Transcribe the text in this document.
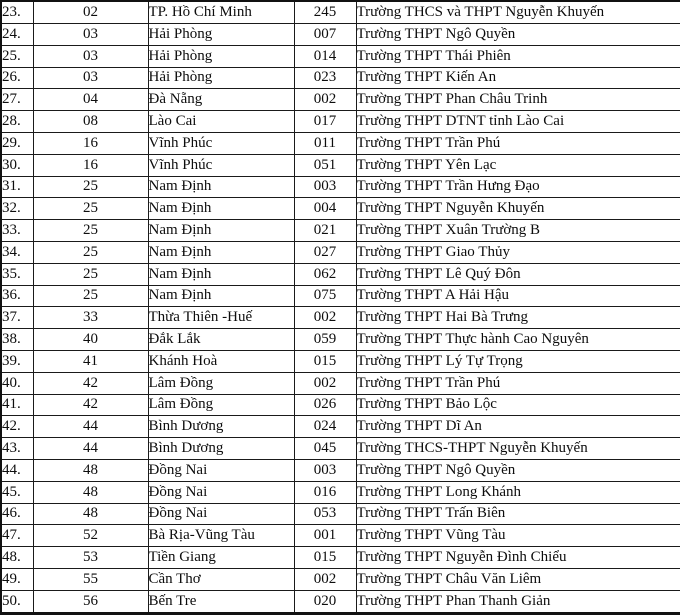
23.	02	TP. Hồ Chí Minh	245	Trường THCS và THPT Nguyễn Khuyến
24.	03	Hải Phòng	007	Trường THPT Ngô Quyền
25.	03	Hải Phòng	014	Trường THPT Thái Phiên
26.	03	Hải Phòng	023	Trường THPT Kiến An
27.	04	Đà Nẵng	002	Trường THPT Phan Châu Trinh
28.	08	Lào Cai	017	Trường THPT DTNT tỉnh Lào Cai
29.	16	Vĩnh Phúc	011	Trường THPT Trần Phú
30.	16	Vĩnh Phúc	051	Trường THPT Yên Lạc
31.	25	Nam Định	003	Trường THPT Trần Hưng Đạo
32.	25	Nam Định	004	Trường THPT Nguyễn Khuyến
33.	25	Nam Định	021	Trường THPT Xuân Trường B
34.	25	Nam Định	027	Trường THPT Giao Thủy
35.	25	Nam Định	062	Trường THPT Lê Quý Đôn
36.	25	Nam Định	075	Trường THPT A Hải Hậu
37.	33	Thừa Thiên -Huế	002	Trường THPT Hai Bà Trưng
38.	40	Đắk Lắk	059	Trường THPT Thực hành Cao Nguyên
39.	41	Khánh Hoà	015	Trường THPT Lý Tự Trọng
40.	42	Lâm Đồng	002	Trường THPT Trần Phú
41.	42	Lâm Đồng	026	Trường THPT Bảo Lộc
42.	44	Bình Dương	024	Trường THPT Dĩ An
43.	44	Bình Dương	045	Trường THCS-THPT Nguyễn Khuyến
44.	48	Đồng Nai	003	Trường THPT Ngô Quyền
45.	48	Đồng Nai	016	Trường THPT Long Khánh
46.	48	Đồng Nai	053	Trường THPT Trấn Biên
47.	52	Bà Rịa-Vũng Tàu	001	Trường THPT Vũng Tàu
48.	53	Tiền Giang	015	Trường THPT Nguyễn Đình Chiểu
49.	55	Cần Thơ	002	Trường THPT Châu Văn Liêm
50.	56	Bến Tre	020	Trường THPT Phan Thanh Giản
